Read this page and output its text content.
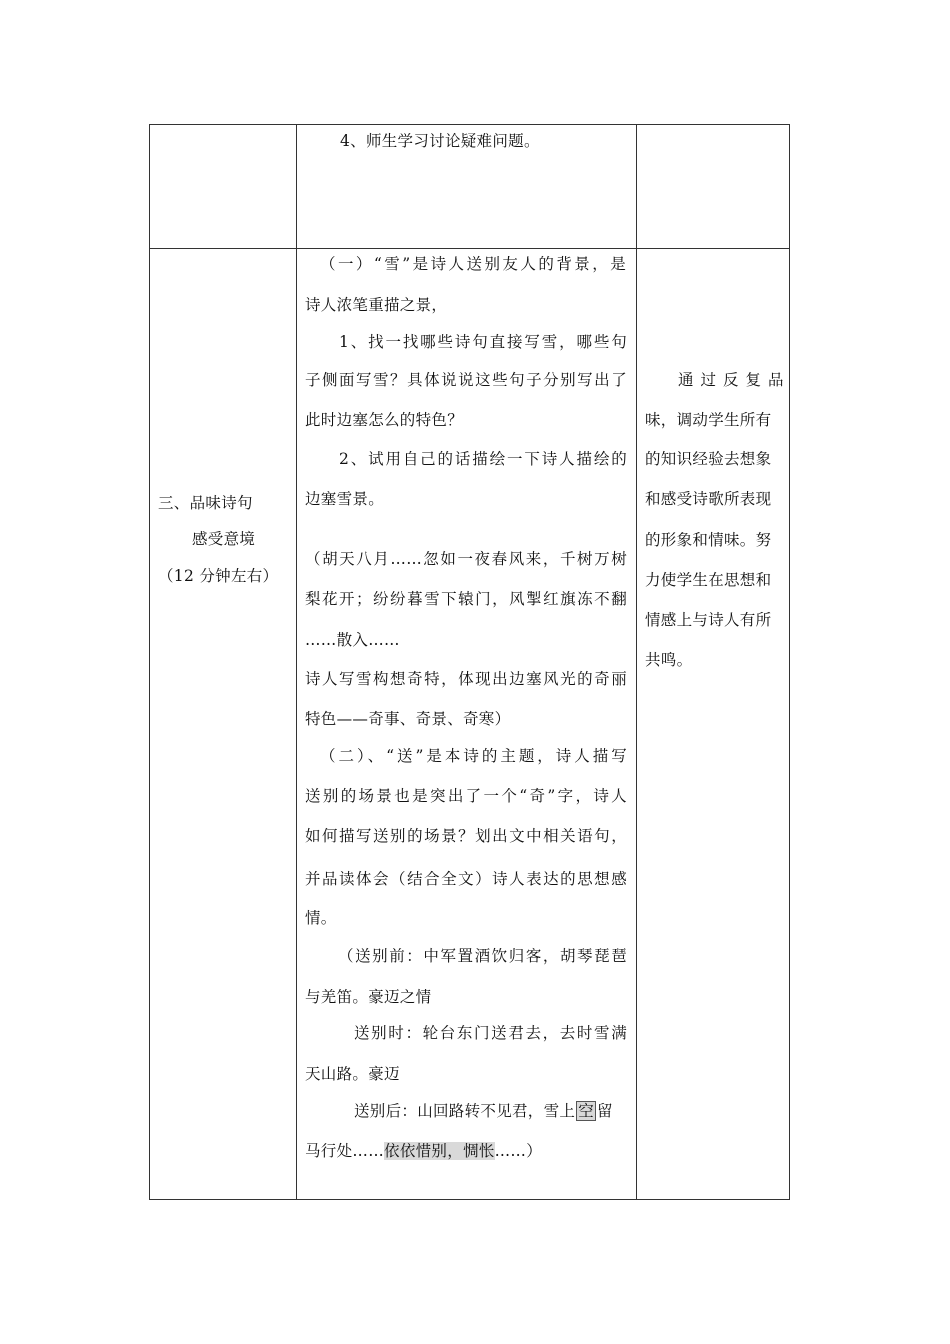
4、师生学习讨论疑难问题。
三、品味诗句
感受意境
（12 分钟左右）
（一）“雪”是诗人送别友人的背景，是
诗人浓笔重描之景，
1、找一找哪些诗句直接写雪，哪些句
子侧面写雪？具体说说这些句子分别写出了
此时边塞怎么的特色？
2、试用自己的话描绘一下诗人描绘的
边塞雪景。
（胡天八月……忽如一夜春风来，千树万树
梨花开；纷纷暮雪下辕门，风掣红旗冻不翻
……散入……
诗人写雪构想奇特，体现出边塞风光的奇丽
特色——奇事、奇景、奇寒）
（二）、“送”是本诗的主题，诗人描写
送别的场景也是突出了一个“奇”字，诗人
如何描写送别的场景？划出文中相关语句，
并品读体会（结合全文）诗人表达的思想感
情。
（送别前：中军置酒饮归客，胡琴琵琶
与羌笛。豪迈之情
送别时：轮台东门送君去，去时雪满
天山路。豪迈
送别后：山回路转不见君，雪上 空 留
马行处……依依惜别，惆怅……）
通过反复品
味，调动学生所有
的知识经验去想象
和感受诗歌所表现
的形象和情味。努
力使学生在思想和
情感上与诗人有所
共鸣。
